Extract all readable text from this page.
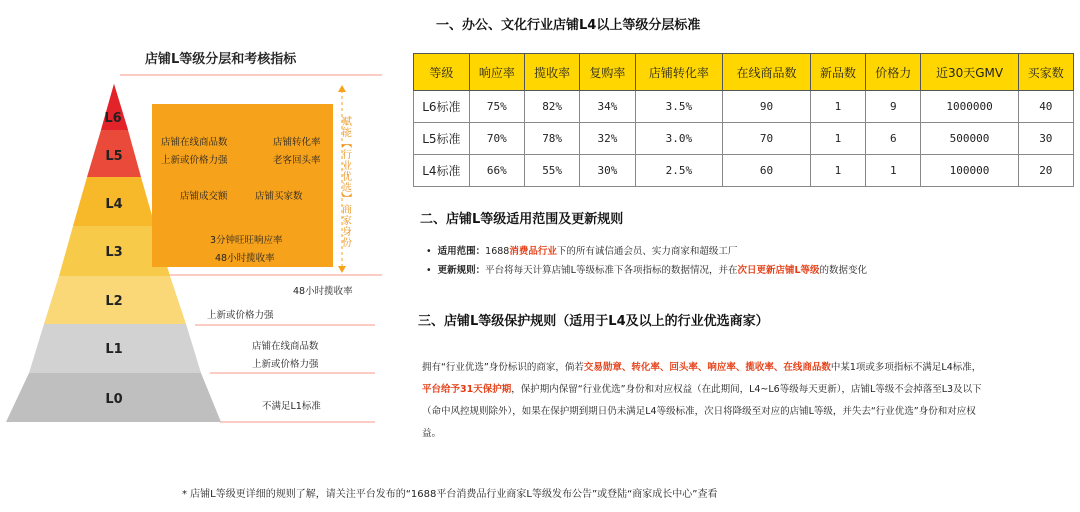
店铺L等级分层和考核指标
L6
L5
L4
L3
L2
L1
L0
店铺在线商品数	店铺转化率
上新或价格力强	老客回头率
店铺成交额	店铺买家数
3分钟旺旺响应率
48小时揽收率
赋能【行业优选】商家身份
48小时揽收率
上新或价格力强
店铺在线商品数
上新或价格力强
不满足L1标准
一、办公、文化行业店铺L4以上等级分层标准
等级	响应率	揽收率	复购率	店铺转化率	在线商品数	新品数	价格力	近30天GMV	买家数
L6标准	75%	82%	34%	3.5%	90	1	9	1000000	40
L5标准	70%	78%	32%	3.0%	70	1	6	500000	30
L4标准	66%	55%	30%	2.5%	60	1	1	100000	20
二、店铺L等级适用范围及更新规则
•  适用范围：1688消费品行业下的所有诚信通会员、实力商家和超级工厂
•  更新规则：平台将每天计算店铺L等级标准下各项指标的数据情况，并在次日更新店铺L等级的数据变化
三、店铺L等级保护规则（适用于L4及以上的行业优选商家）
拥有“行业优选”身份标识的商家，倘若交易勋章、转化率、回头率、响应率、揽收率、在线商品数中某1项或多项指标不满足L4标准，平台给予31天保护期，保护期内保留“行业优选”身份和对应权益（在此期间，L4~L6等级每天更新），店铺L等级不会掉落至L3及以下（命中风控规则除外），如果在保护期到期日仍未满足L4等级标准，次日将降级至对应的店铺L等级，并失去“行业优选”身份和对应权益。
* 店铺L等级更详细的规则了解，请关注平台发布的“1688平台消费品行业商家L等级发布公告”或登陆“商家成长中心”查看
